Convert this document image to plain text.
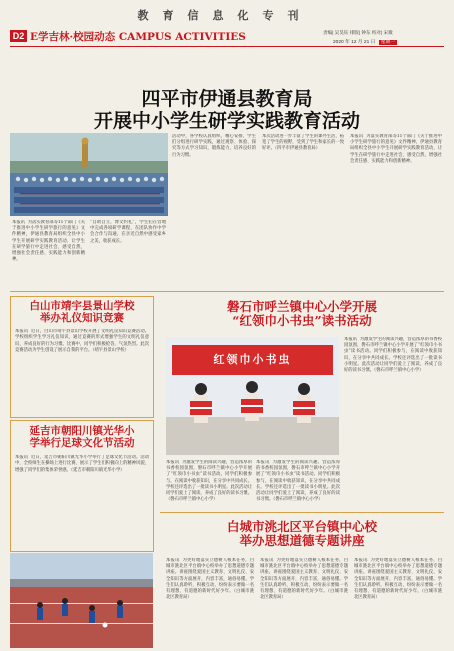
教育信息化专刊
D2 E学吉林·校园动态 CAMPUS ACTIVITIES	责编| 吴昊钰 排版| 钟东 校对| 宋微
2020 年 12 月 21 日 星期一
四平市伊通县教育局
开展中小学生研学实践教育活动
本报讯  为落实教育部等11个部门《关于推进中小学生研学旅行的意见》文件精神，伊通县教育局组织全县中小学生开展研学实践教育活动，让学生在研学旅行中走进社会、感受自然，增强社会责任感、实践能力和创新精神。
“自助自立，博文约礼”，学生们在营地中完成各项研学课程，在团队协作中学会合作与沟通，在亲近自然中感受家乡之美，收获成长。
活动中，各学校认真组织，精心安排，学生们分组进行研学实践，通过观察、体验、探究等方式学习知识，锻炼能力，培养良好的行为习惯。
本次活动进一步丰富了学生的课外生活，拓宽了学生的视野，受到了学生和家长的一致好评。（四平市伊通县教育局）
本报讯  为落实教育部等11个部门《关于推进中小学生研学旅行的意见》文件精神，伊通县教育局组织全县中小学生开展研学实践教育活动，让学生在研学旅行中走进社会、感受自然，增强社会责任感、实践能力和创新精神。
白山市靖宇县景山学校
举办礼仪知识竞赛
本报讯  近日，白山市靖宇县景山学校开展了文明礼仪知识竞赛活动。学校组织学生学习礼仪知识，通过竞赛的形式增强学生的文明礼仪意识，养成良好的行为习惯。比赛中，同学们积极抢答，气氛热烈。此次竞赛活动为学生创设了展示自我的平台。（靖宇县景山学校）
延吉市朝阳川镇光华小
学举行足球文化节活动
本报讯  近日，延吉市朝阳川镇光华小学举行了足球文化节活动。活动中，全校师生在操场上进行比赛，展示了学生们积极向上的精神风貌，增强了同学们的集体荣誉感。（延吉市朝阳川镇光华小学）
磐石市呼兰镇中心小学开展
“红领巾小书虫”读书活动
红领巾小书虫
本报讯  为激发学生的阅读兴趣，营造浓厚的书香校园氛围，磐石市呼兰镇中心小学开展了“红领巾小书虫”读书活动。同学们积极参与，在阅读中收获知识，在分享中共同成长。学校还评选出了一批读书小明星。此次活动让同学们爱上了阅读，养成了良好的读书习惯。（磐石市呼兰镇中心小学）
本报讯  为激发学生的阅读兴趣，营造浓厚的书香校园氛围，磐石市呼兰镇中心小学开展了“红领巾小书虫”读书活动。同学们积极参与，在阅读中收获知识，在分享中共同成长。学校还评选出了一批读书小明星。此次活动让同学们爱上了阅读，养成了良好的读书习惯。（磐石市呼兰镇中心小学）
本报讯  为激发学生的阅读兴趣，营造浓厚的书香校园氛围，磐石市呼兰镇中心小学开展了“红领巾小书虫”读书活动。同学们积极参与，在阅读中收获知识，在分享中共同成长。学校还评选出了一批读书小明星。此次活动让同学们爱上了阅读，养成了良好的读书习惯。（磐石市呼兰镇中心小学）
白城市洮北区平台镇中心校
举办思想道德专题讲座
本报讯  为更好地落实立德树人根本任务，白城市洮北区平台镇中心校举办了思想道德专题讲座。讲座围绕爱国主义教育、文明礼仪、安全知识等方面展开，内容丰富，通俗易懂。学生们认真聆听，积极互动，纷纷表示要做一名有理想、有道德的新时代好少年。（白城市洮北区教育局）
本报讯  为更好地落实立德树人根本任务，白城市洮北区平台镇中心校举办了思想道德专题讲座。讲座围绕爱国主义教育、文明礼仪、安全知识等方面展开，内容丰富，通俗易懂。学生们认真聆听，积极互动，纷纷表示要做一名有理想、有道德的新时代好少年。（白城市洮北区教育局）
本报讯  为更好地落实立德树人根本任务，白城市洮北区平台镇中心校举办了思想道德专题讲座。讲座围绕爱国主义教育、文明礼仪、安全知识等方面展开，内容丰富，通俗易懂。学生们认真聆听，积极互动，纷纷表示要做一名有理想、有道德的新时代好少年。（白城市洮北区教育局）
